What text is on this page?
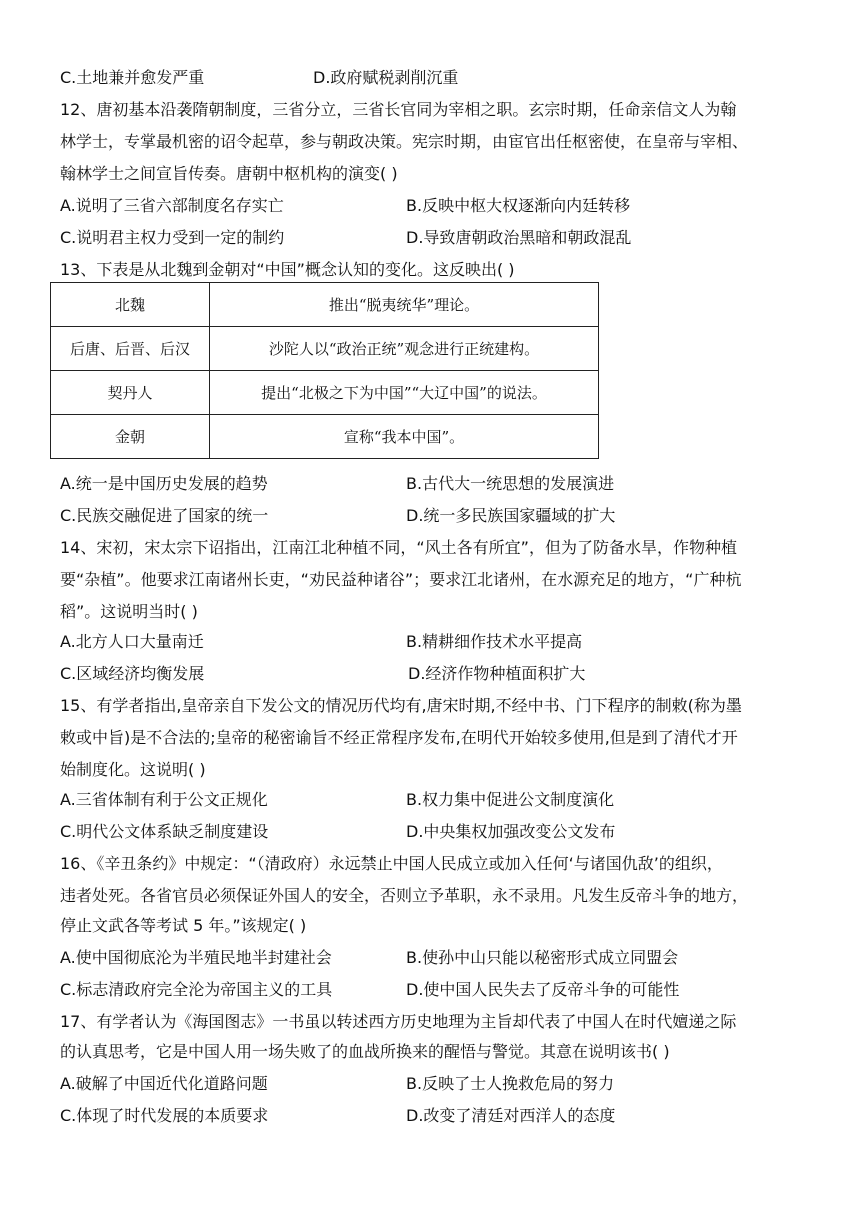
C.土地兼并愈发严重	D.政府赋税剥削沉重
12、唐初基本沿袭隋朝制度，三省分立，三省长官同为宰相之职。玄宗时期，任命亲信文人为翰
林学士，专掌最机密的诏令起草，参与朝政决策。宪宗时期，由宦官出任枢密使，在皇帝与宰相、
翰林学士之间宣旨传奏。唐朝中枢机构的演变( )
A.说明了三省六部制度名存实亡	B.反映中枢大权逐渐向内廷转移
C.说明君主权力受到一定的制约	D.导致唐朝政治黑暗和朝政混乱
13、下表是从北魏到金朝对“中国”概念认知的变化。这反映出( )
北魏	推出“脱夷统华”理论。
后唐、后晋、后汉	沙陀人以“政治正统”观念进行正统建构。
契丹人	提出“北极之下为中国”“大辽中国”的说法。
金朝	宣称“我本中国”。
A.统一是中国历史发展的趋势	B.古代大一统思想的发展演进
C.民族交融促进了国家的统一	D.统一多民族国家疆域的扩大
14、宋初，宋太宗下诏指出，江南江北种植不同，“风土各有所宜”，但为了防备水旱，作物种植
要“杂植”。他要求江南诸州长吏，“劝民益种诸谷”；要求江北诸州，在水源充足的地方，“广种杭
稻”。这说明当时( )
A.北方人口大量南迁	B.精耕细作技术水平提高
C.区域经济均衡发展	D.经济作物种植面积扩大
15、有学者指出,皇帝亲自下发公文的情况历代均有,唐宋时期,不经中书、门下程序的制敕(称为墨
敕或中旨)是不合法的;皇帝的秘密谕旨不经正常程序发布,在明代开始较多使用,但是到了清代才开
始制度化。这说明( )
A.三省体制有利于公文正规化	B.权力集中促进公文制度演化
C.明代公文体系缺乏制度建设	D.中央集权加强改变公文发布
16、《辛丑条约》中规定：“（清政府）永远禁止中国人民成立或加入任何‘与诸国仇敌’的组织，
违者处死。各省官员必须保证外国人的安全，否则立予革职，永不录用。凡发生反帝斗争的地方，
停止文武各等考试 5 年。”该规定( )
A.使中国彻底沦为半殖民地半封建社会	B.使孙中山只能以秘密形式成立同盟会
C.标志清政府完全沦为帝国主义的工具	D.使中国人民失去了反帝斗争的可能性
17、有学者认为《海国图志》一书虽以转述西方历史地理为主旨却代表了中国人在时代嬗递之际
的认真思考，它是中国人用一场失败了的血战所换来的醒悟与警觉。其意在说明该书( )
A.破解了中国近代化道路问题	B.反映了士人挽救危局的努力
C.体现了时代发展的本质要求	D.改变了清廷对西洋人的态度
